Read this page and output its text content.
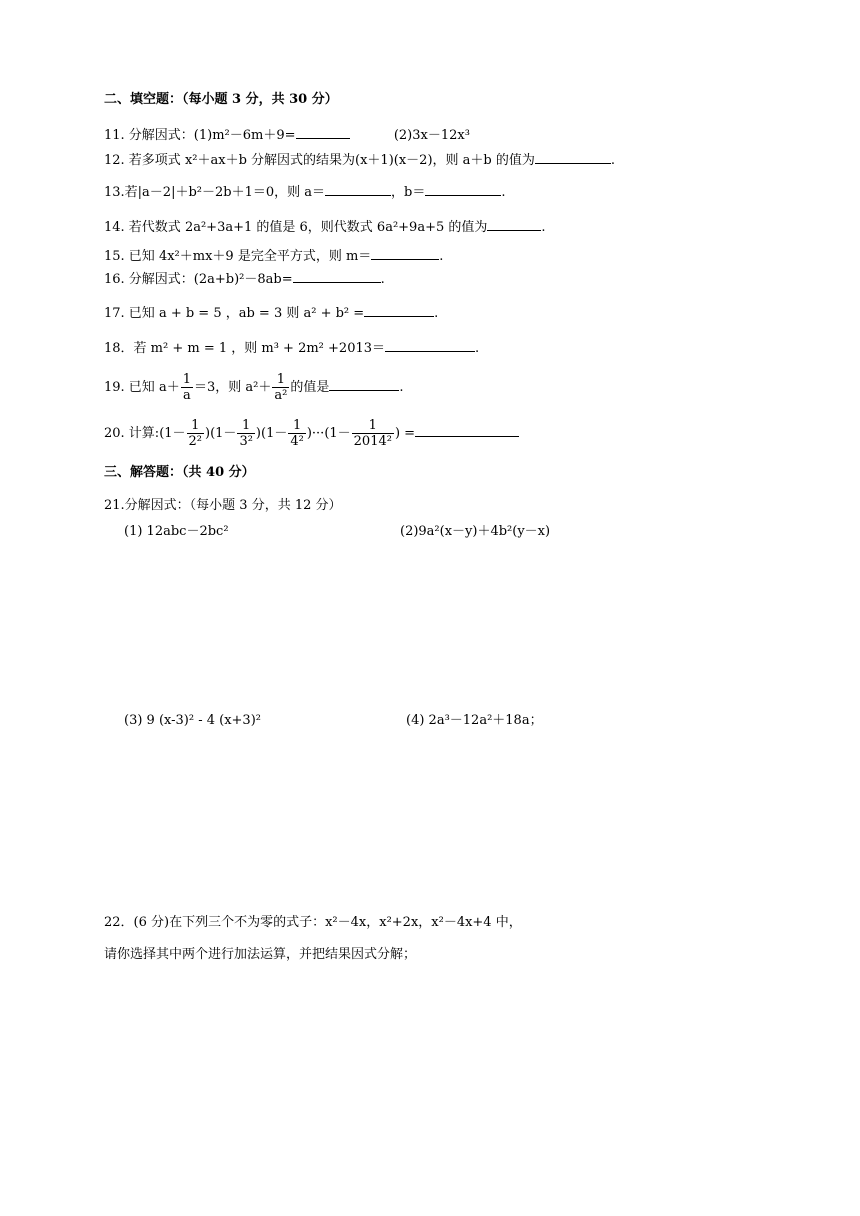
二、填空题：（每小题 3 分，共 30 分）
11. 分解因式：(1)m²－6m＋9=	(2)3x－12x³
12. 若多项式 x²＋ax＋b 分解因式的结果为(x＋1)(x－2)，则 a＋b 的值为	.
13.若|a－2|＋b²－2b＋1＝0，则 a＝	，b＝	.
14. 若代数式 2a²+3a+1 的值是 6，则代数式 6a²+9a+5 的值为	.
15. 已知 4x²＋mx＋9 是完全平方式，则 m＝	.
16. 分解因式：(2a+b)²－8ab=	.
17. 已知 a + b = 5 ，ab = 3 则 a² + b² =	.
18．若 m² + m = 1 ，则 m³ + 2m² +2013＝	.
19. 已知 $a+ \frac{1}{a} =3$，则 $a^2+ \frac{1}{\text{a²}}$ 的值是	.
20. 计算:(1－ $\frac{1}{\text{2²}} )(1- \frac{1}{\text{3²}} )(1- \frac{1}{\text{4²}} )\cdot\cdot\cdot(1- \frac{1}{\text{2014²}}$ ) =
三、解答题：（共 40 分）
21.分解因式：（每小题 3 分，共 12 分）
(1) 12abc－2bc²	(2)9a²(x－y)＋4b²(y－x)
(3) 9 (x-3)² - 4 (x+3)²	(4) 2a³－12a²＋18a；
22．(6 分)在下列三个不为零的式子：x²－4x，x²+2x，x²－4x+4 中，
请你选择其中两个进行加法运算，并把结果因式分解；
